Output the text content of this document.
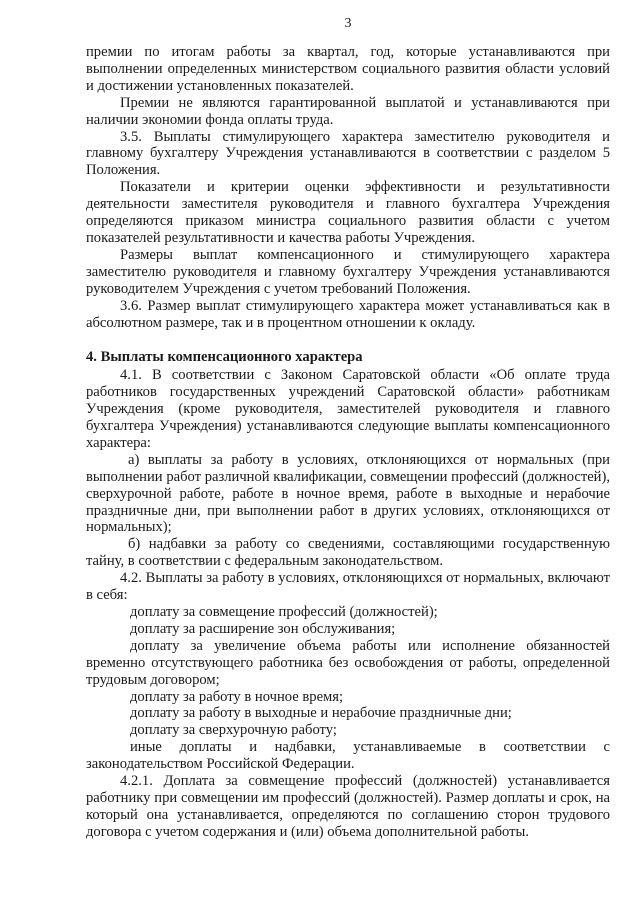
3

премии по итогам работы за квартал, год, которые устанавливаются при выполнении определенных министерством социального развития области условий и достижении установленных показателей.

Премии не являются гарантированной выплатой и устанавливаются при наличии экономии фонда оплаты труда.

3.5. Выплаты стимулирующего характера заместителю руководителя и главному бухгалтеру Учреждения устанавливаются в соответствии с разделом 5 Положения.

Показатели и критерии оценки эффективности и результативности деятельности заместителя руководителя и главного бухгалтера Учреждения определяются приказом министра социального развития области с учетом показателей результативности и качества работы Учреждения.

Размеры выплат компенсационного и стимулирующего характера заместителю руководителя и главному бухгалтеру Учреждения устанавливаются руководителем Учреждения с учетом требований Положения.

3.6. Размер выплат стимулирующего характера может устанавливаться как в абсолютном размере, так и в процентном отношении к окладу.

4. Выплаты компенсационного характера

4.1. В соответствии с Законом Саратовской области «Об оплате труда работников государственных учреждений Саратовской области» работникам Учреждения (кроме руководителя, заместителей руководителя и главного бухгалтера Учреждения) устанавливаются следующие выплаты компенсационного характера:

а) выплаты за работу в условиях, отклоняющихся от нормальных (при выполнении работ различной квалификации, совмещении профессий (должностей), сверхурочной работе, работе в ночное время, работе в выходные и нерабочие праздничные дни, при выполнении работ в других условиях, отклоняющихся от нормальных);

б) надбавки за работу со сведениями, составляющими государственную тайну, в соответствии с федеральным законодательством.

4.2. Выплаты за работу в условиях, отклоняющихся от нормальных, включают в себя:

доплату за совмещение профессий (должностей);

доплату за расширение зон обслуживания;

доплату за увеличение объема работы или исполнение обязанностей временно отсутствующего работника без освобождения от работы, определенной трудовым договором;

доплату за работу в ночное время;

доплату за работу в выходные и нерабочие праздничные дни;

доплату за сверхурочную работу;

иные доплаты и надбавки, устанавливаемые в соответствии с законодательством Российской Федерации.

4.2.1. Доплата за совмещение профессий (должностей) устанавливается работнику при совмещении им профессий (должностей). Размер доплаты и срок, на который она устанавливается, определяются по соглашению сторон трудового договора с учетом содержания и (или) объема дополнительной работы.
